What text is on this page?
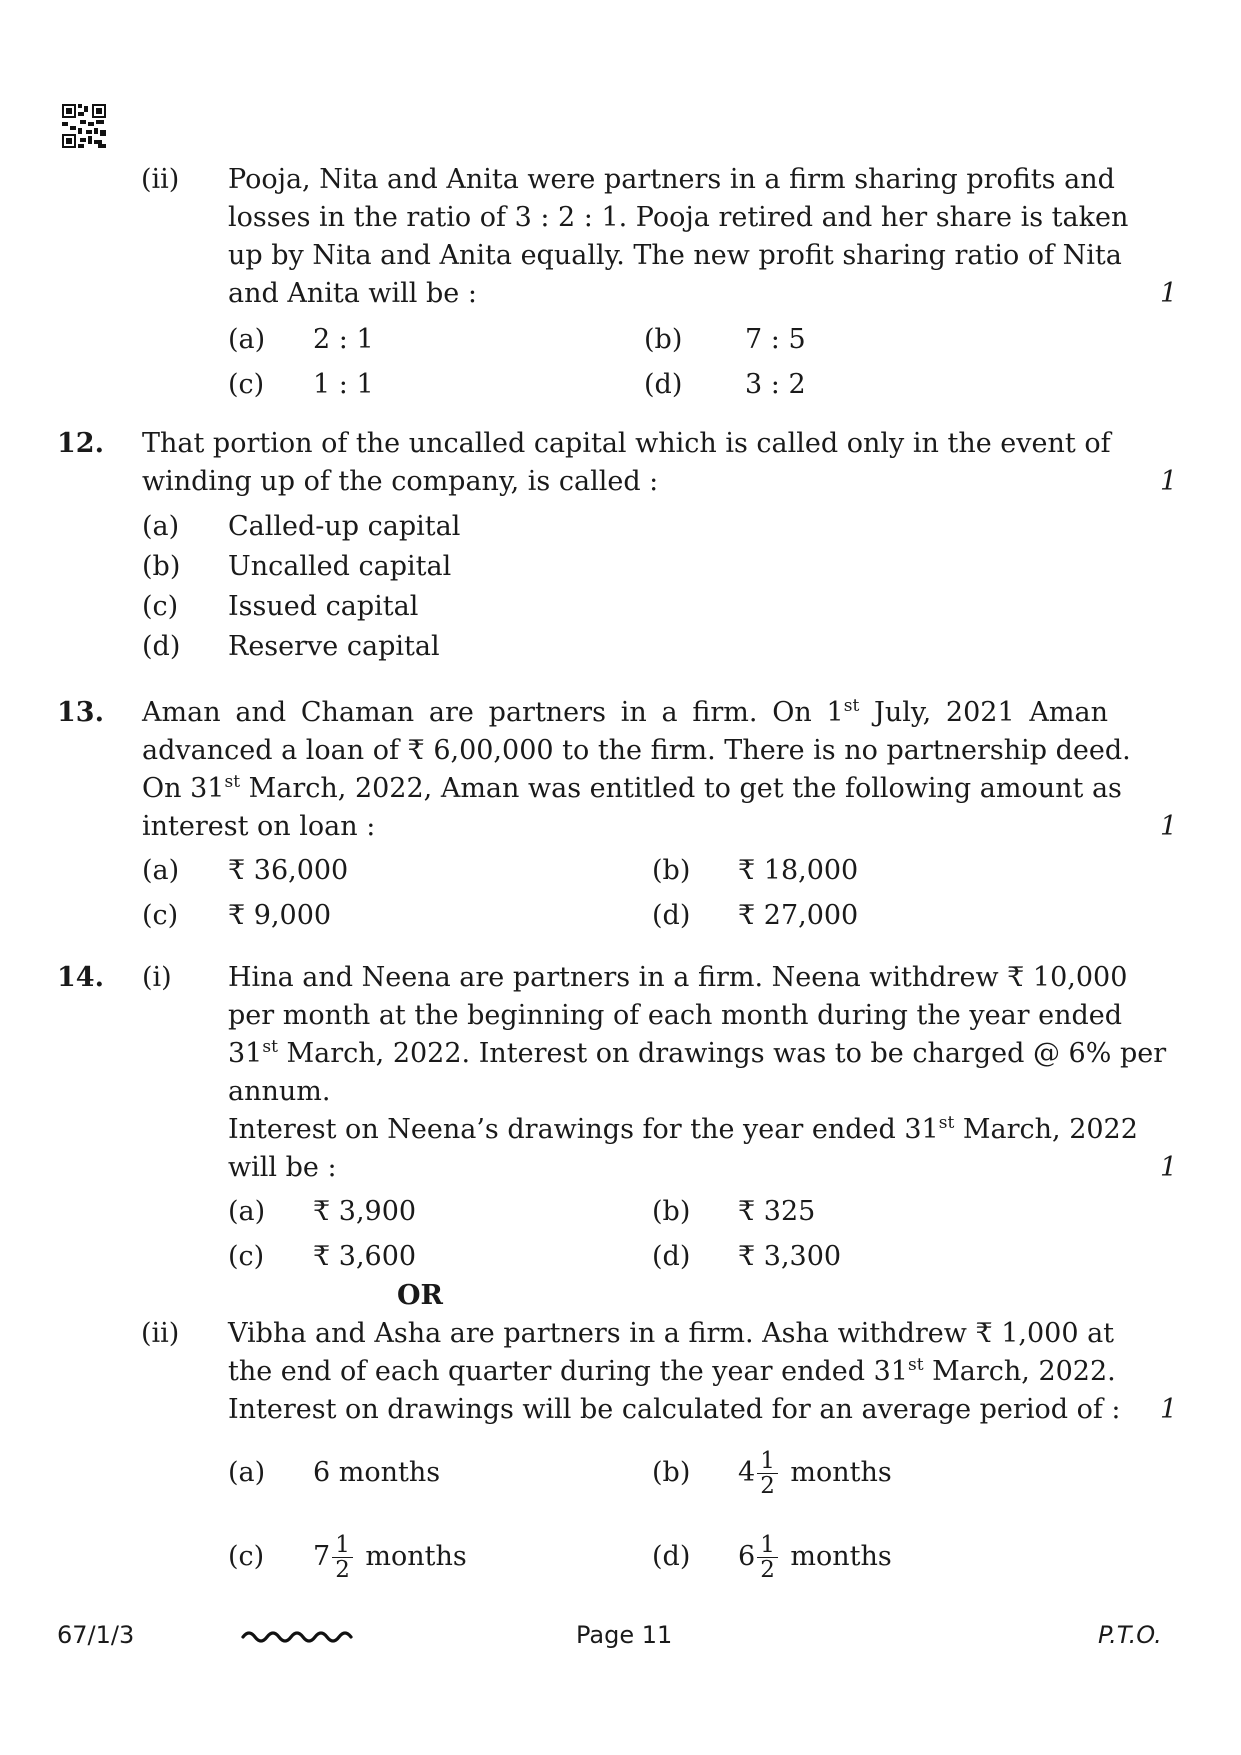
(ii) Pooja, Nita and Anita were partners in a firm sharing profits and
losses in the ratio of 3 : 2 : 1. Pooja retired and her share is taken
up by Nita and Anita equally. The new profit sharing ratio of Nita
and Anita will be :	1
(a) 2 : 1	(b) 7 : 5
(c) 1 : 1	(d) 3 : 2
12. That portion of the uncalled capital which is called only in the event of
winding up of the company, is called :	1
(a) Called-up capital
(b) Uncalled capital
(c) Issued capital
(d) Reserve capital
13. Aman and Chaman are partners in a firm. On 1st July, 2021 Aman
advanced a loan of ₹ 6,00,000 to the firm. There is no partnership deed.
On 31st March, 2022, Aman was entitled to get the following amount as
interest on loan :	1
(a) ₹ 36,000	(b) ₹ 18,000
(c) ₹ 9,000	(d) ₹ 27,000
14. (i) Hina and Neena are partners in a firm. Neena withdrew ₹ 10,000
per month at the beginning of each month during the year ended
31st March, 2022. Interest on drawings was to be charged @ 6% per
annum.
Interest on Neena’s drawings for the year ended 31st March, 2022
will be :	1
(a) ₹ 3,900	(b) ₹ 325
(c) ₹ 3,600	(d) ₹ 3,300
OR
(ii) Vibha and Asha are partners in a firm. Asha withdrew ₹ 1,000 at
the end of each quarter during the year ended 31st March, 2022.
Interest on drawings will be calculated for an average period of : 1
(a) 6 months	(b) $4 \frac{1}{2}$ months
(c) $7 \frac{1}{2}$ months	(d) $6 \frac{1}{2}$ months
67/1/3	Page 11	P.T.O.
